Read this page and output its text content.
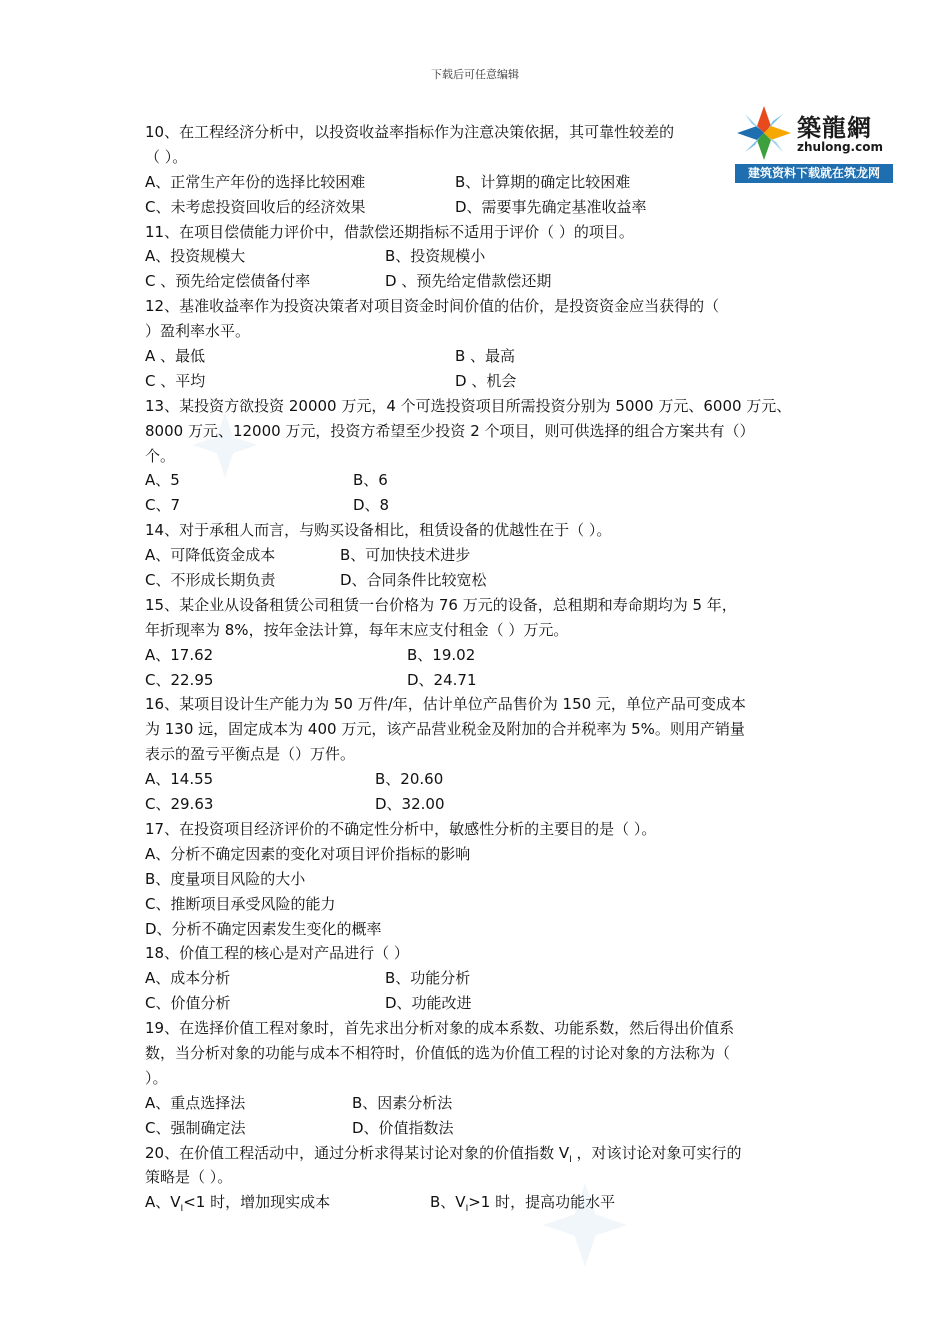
下载后可任意编辑
築龍網
zhulong.com
建筑资料下载就在筑龙网
10、在工程经济分析中，以投资收益率指标作为注意决策依据，其可靠性较差的
（ ）。
A、正常生产年份的选择比较困难	B、计算期的确定比较困难
C、未考虑投资回收后的经济效果	D、需要事先确定基准收益率
11、在项目偿债能力评价中，借款偿还期指标不适用于评价（ ）的项目。
A、投资规模大	B、投资规模小
C 、预先给定偿债备付率	D 、预先给定借款偿还期
12、基准收益率作为投资决策者对项目资金时间价值的估价，是投资资金应当获得的（
）盈利率水平。
A 、最低	B 、最高
C 、平均	D 、机会
13、某投资方欲投资 20000 万元，4 个可选投资项目所需投资分别为 5000 万元、6000 万元、
8000 万元、12000 万元，投资方希望至少投资 2 个项目，则可供选择的组合方案共有（）
个。
A、5	B、6
C、7	D、8
14、对于承租人而言，与购买设备相比，租赁设备的优越性在于（ ）。
A、可降低资金成本	B、可加快技术进步
C、不形成长期负责	D、合同条件比较宽松
15、某企业从设备租赁公司租赁一台价格为 76 万元的设备，总租期和寿命期均为 5 年，
年折现率为 8%，按年金法计算，每年末应支付租金（ ）万元。
A、17.62	B、19.02
C、22.95	D、24.71
16、某项目设计生产能力为 50 万件/年，估计单位产品售价为 150 元，单位产品可变成本
为 130 远，固定成本为 400 万元，该产品营业税金及附加的合并税率为 5%。则用产销量
表示的盈亏平衡点是（）万件。
A、14.55	B、20.60
C、29.63	D、32.00
17、在投资项目经济评价的不确定性分析中，敏感性分析的主要目的是（ ）。
A、分析不确定因素的变化对项目评价指标的影响
B、度量项目风险的大小
C、推断项目承受风险的能力
D、分析不确定因素发生变化的概率
18、价值工程的核心是对产品进行（ ）
A、成本分析	B、功能分析
C、价值分析	D、功能改进
19、在选择价值工程对象时，首先求出分析对象的成本系数、功能系数，然后得出价值系
数，当分析对象的功能与成本不相符时，价值低的选为价值工程的讨论对象的方法称为（
）。
A、重点选择法	B、因素分析法
C、强制确定法	D、价值指数法
20、在价值工程活动中，通过分析求得某讨论对象的价值指数 $V_I$ ，对该讨论对象可实行的
策略是（ ）。
A、$V_I<1$ 时，增加现实成本	B、$V_I>1$ 时，提高功能水平
